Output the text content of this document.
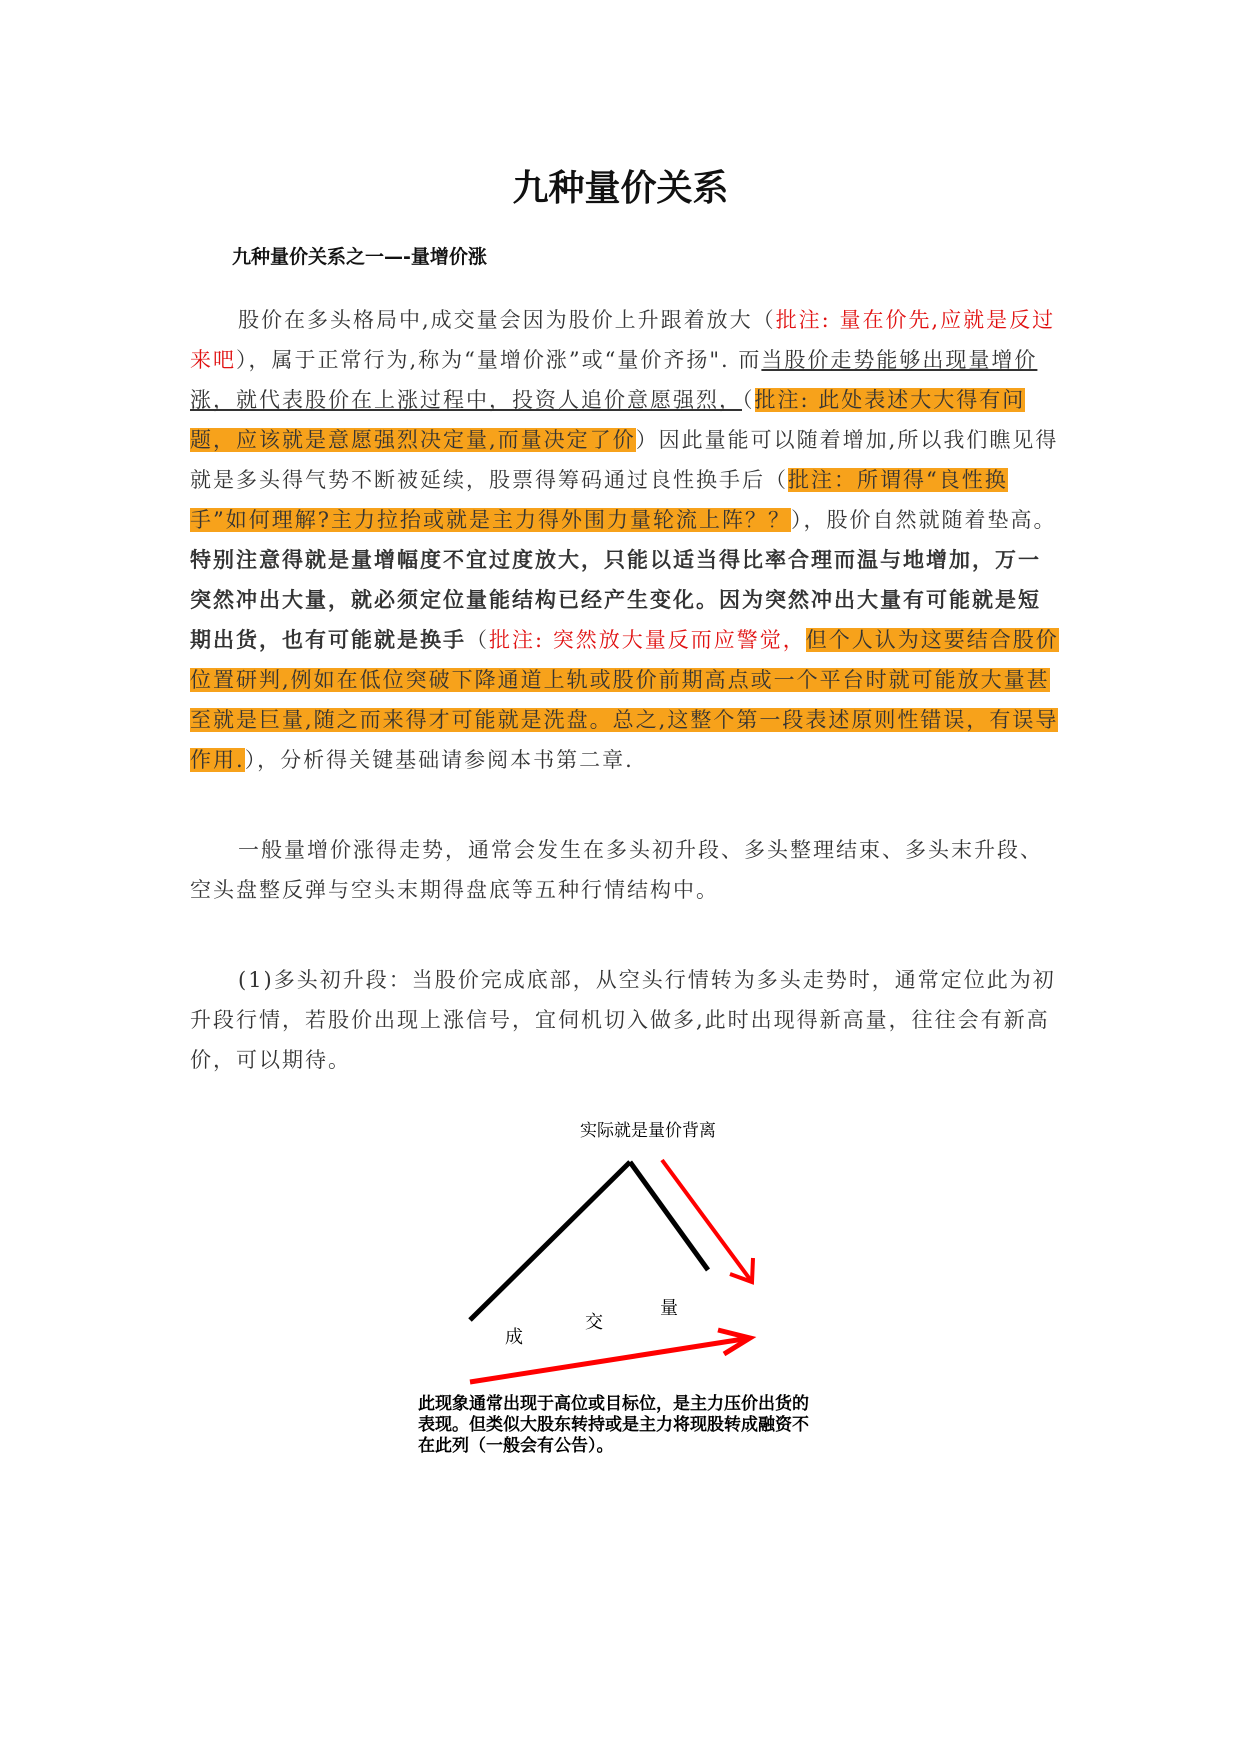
九种量价关系
九种量价关系之一—-量增价涨

股价在多头格局中,成交量会因为股价上升跟着放大（批注: 量在价先,应就是反过来吧），属于正常行为,称为“量增价涨”或“量价齐扬". 而当股价走势能够出现量增价涨，就代表股价在上涨过程中，投资人追价意愿强烈，（批注: 此处表述大大得有问题，应该就是意愿强烈决定量,而量决定了价）因此量能可以随着增加,所以我们瞧见得就是多头得气势不断被延续，股票得筹码通过良性换手后（批注：所谓得“良性换手”如何理解?主力拉抬或就是主力得外围力量轮流上阵？？），股价自然就随着垫高。特别注意得就是量增幅度不宜过度放大，只能以适当得比率合理而温与地增加，万一突然冲出大量，就必须定位量能结构已经产生变化。因为突然冲出大量有可能就是短期出货，也有可能就是换手（批注: 突然放大量反而应警觉，但个人认为这要结合股价位置研判,例如在低位突破下降通道上轨或股价前期高点或一个平台时就可能放大量甚至就是巨量,随之而来得才可能就是洗盘。总之,这整个第一段表述原则性错误，有误导作用.），分析得关键基础请参阅本书第二章.

一般量增价涨得走势，通常会发生在多头初升段、多头整理结束、多头末升段、空头盘整反弹与空头末期得盘底等五种行情结构中。

(1)多头初升段：当股价完成底部，从空头行情转为多头走势时，通常定位此为初升段行情，若股价出现上涨信号，宜伺机切入做多,此时出现得新高量，往往会有新高价，可以期待。

实际就是量价背离
成
交
量
此现象通常出现于高位或目标位，是主力压价出货的表现。但类似大股东转持或是主力将现股转成融资不在此列（一般会有公告）。
